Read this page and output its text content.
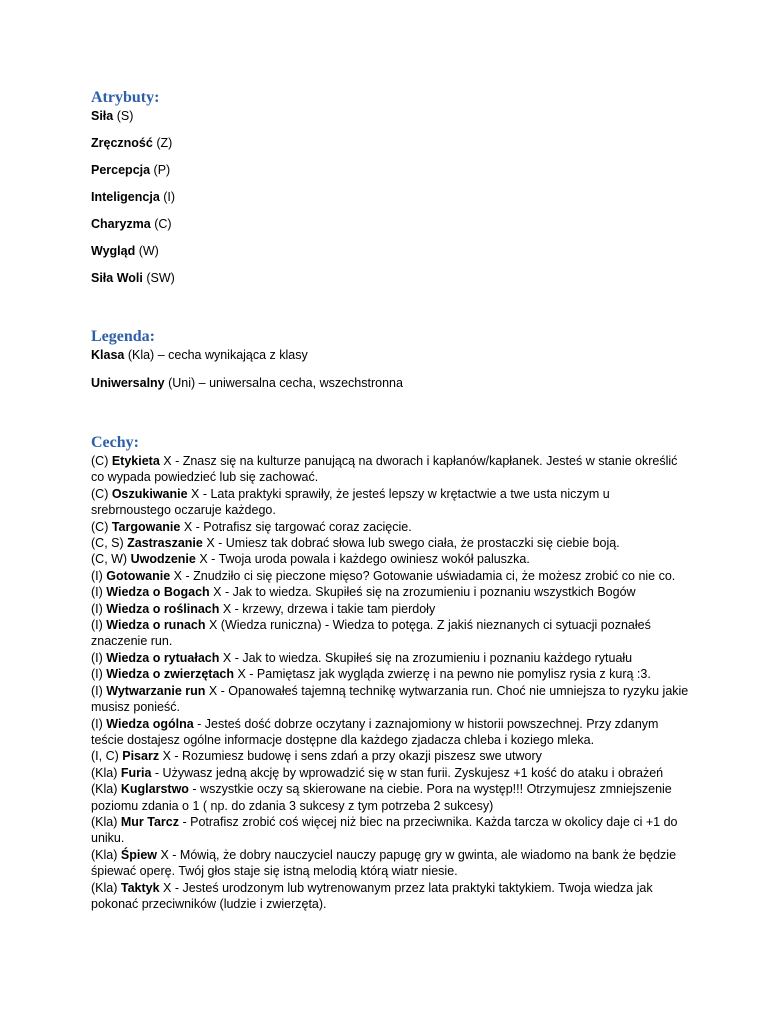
Atrybuty:

Siła (S)

Zręczność (Z)

Percepcja (P)

Inteligencja (I)

Charyzma (C)

Wygląd (W)

Siła Woli (SW)

Legenda:

Klasa (Kla) – cecha wynikająca z klasy

Uniwersalny (Uni) – uniwersalna cecha, wszechstronna

Cechy:

(C) Etykieta X - Znasz się na kulturze panującą na dworach i kapłanów/kapłanek. Jesteś w stanie określić co wypada powiedzieć lub się zachować.

(C) Oszukiwanie X - Lata praktyki sprawiły, że jesteś lepszy w krętactwie a twe usta niczym u srebrnoustego oczaruje każdego.

(C) Targowanie X - Potrafisz się targować coraz zacięcie.

(C, S) Zastraszanie X - Umiesz tak dobrać słowa lub swego ciała, że prostaczki się ciebie boją.

(C, W) Uwodzenie X - Twoja uroda powala i każdego owiniesz wokół paluszka.

(I) Gotowanie X - Znudziło ci się pieczone mięso? Gotowanie uświadamia ci, że możesz zrobić co nie co.

(I) Wiedza o Bogach X - Jak to wiedza. Skupiłeś się na zrozumieniu i poznaniu wszystkich Bogów

(I) Wiedza o roślinach X - krzewy, drzewa i takie tam pierdoły

(I) Wiedza o runach X (Wiedza runiczna) - Wiedza to potęga. Z jakiś nieznanych ci sytuacji poznałeś znaczenie run.

(I) Wiedza o rytuałach X - Jak to wiedza. Skupiłeś się na zrozumieniu i poznaniu każdego rytuału

(I) Wiedza o zwierzętach X - Pamiętasz jak wygląda zwierzę i na pewno nie pomylisz rysia z kurą :3.

(I) Wytwarzanie run X - Opanowałeś tajemną technikę wytwarzania run. Choć nie umniejsza to ryzyku jakie musisz ponieść.

(I) Wiedza ogólna - Jesteś dość dobrze oczytany i zaznajomiony w historii powszechnej. Przy zdanym teście dostajesz ogólne informacje dostępne dla każdego zjadacza chleba i koziego mleka.

(I, C) Pisarz X - Rozumiesz budowę i sens zdań a przy okazji piszesz swe utwory

(Kla) Furia - Używasz jedną akcję by wprowadzić się w stan furii. Zyskujesz +1 kość do ataku i obrażeń

(Kla) Kuglarstwo - wszystkie oczy są skierowane na ciebie. Pora na występ!!! Otrzymujesz zmniejszenie poziomu zdania o 1 ( np. do zdania 3 sukcesy z tym potrzeba 2 sukcesy)

(Kla) Mur Tarcz - Potrafisz zrobić coś więcej niż biec na przeciwnika. Każda tarcza w okolicy daje ci +1 do uniku.

(Kla) Śpiew X - Mówią, że dobry nauczyciel nauczy papugę gry w gwinta, ale wiadomo na bank że będzie śpiewać operę. Twój głos staje się istną melodią którą wiatr niesie.

(Kla) Taktyk X - Jesteś urodzonym lub wytrenowanym przez lata praktyki taktykiem. Twoja wiedza jak pokonać przeciwników (ludzie i zwierzęta).
